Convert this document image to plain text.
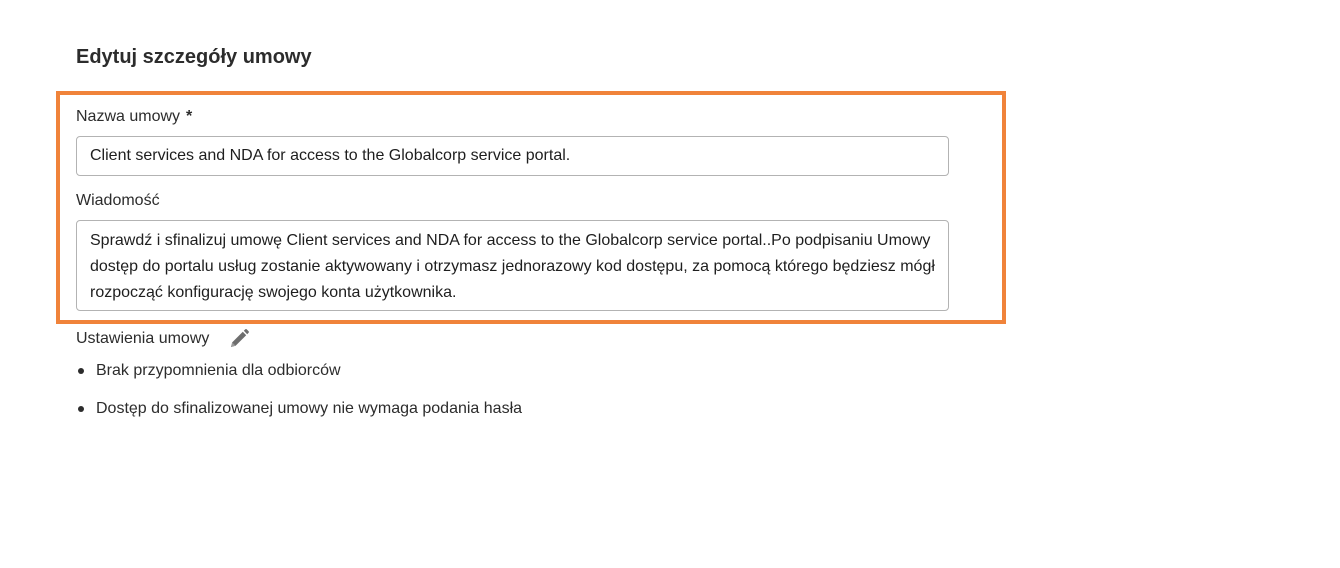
Edytuj szczegóły umowy
Nazwa umowy *
Client services and NDA for access to the Globalcorp service portal.
Wiadomość
Sprawdź i sfinalizuj umowę Client services and NDA for access to the Globalcorp service portal..Po podpisaniu Umowy dostęp do portalu usług zostanie aktywowany i otrzymasz jednorazowy kod dostępu, za pomocą którego będziesz mógł rozpocząć konfigurację swojego konta użytkownika.
Ustawienia umowy
Brak przypomnienia dla odbiorców
Dostęp do sfinalizowanej umowy nie wymaga podania hasła
